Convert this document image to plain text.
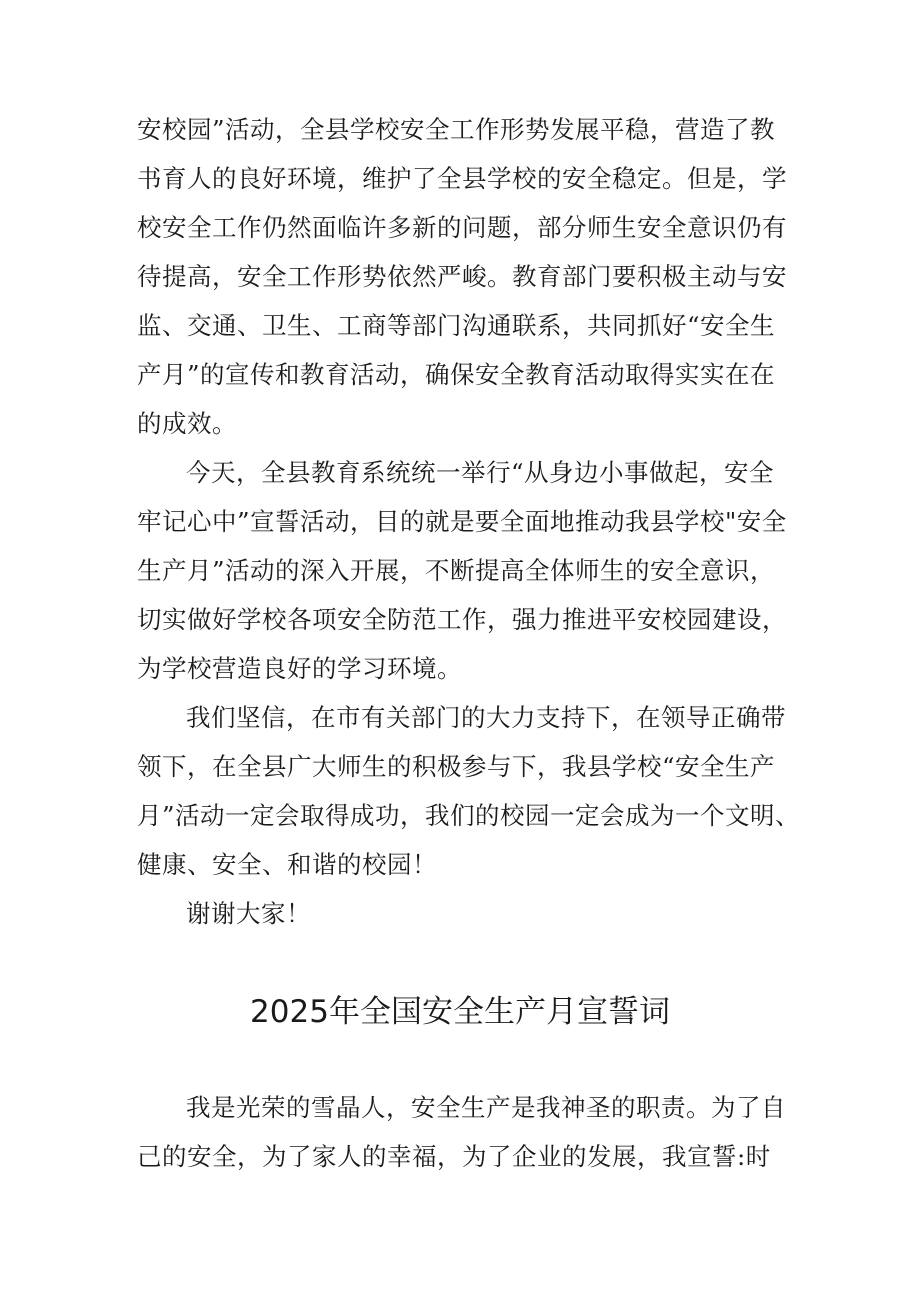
安校园”活动，全县学校安全工作形势发展平稳，营造了教

书育人的良好环境，维护了全县学校的安全稳定。但是，学

校安全工作仍然面临许多新的问题，部分师生安全意识仍有

待提高，安全工作形势依然严峻。教育部门要积极主动与安

监、交通、卫生、工商等部门沟通联系，共同抓好“安全生

产月”的宣传和教育活动，确保安全教育活动取得实实在在

的成效。

今天，全县教育系统统一举行“从身边小事做起，安全

牢记心中”宣誓活动，目的就是要全面地推动我县学校"安全

生产月”活动的深入开展，不断提高全体师生的安全意识，

切实做好学校各项安全防范工作，强力推进平安校园建设，

为学校营造良好的学习环境。

我们坚信，在市有关部门的大力支持下，在领导正确带

领下，在全县广大师生的积极参与下，我县学校“安全生产

月”活动一定会取得成功，我们的校园一定会成为一个文明、

健康、安全、和谐的校园！

谢谢大家！

2025年全国安全生产月宣誓词

我是光荣的雪晶人，安全生产是我神圣的职责。为了自

己的安全，为了家人的幸福，为了企业的发展，我宣誓:时
